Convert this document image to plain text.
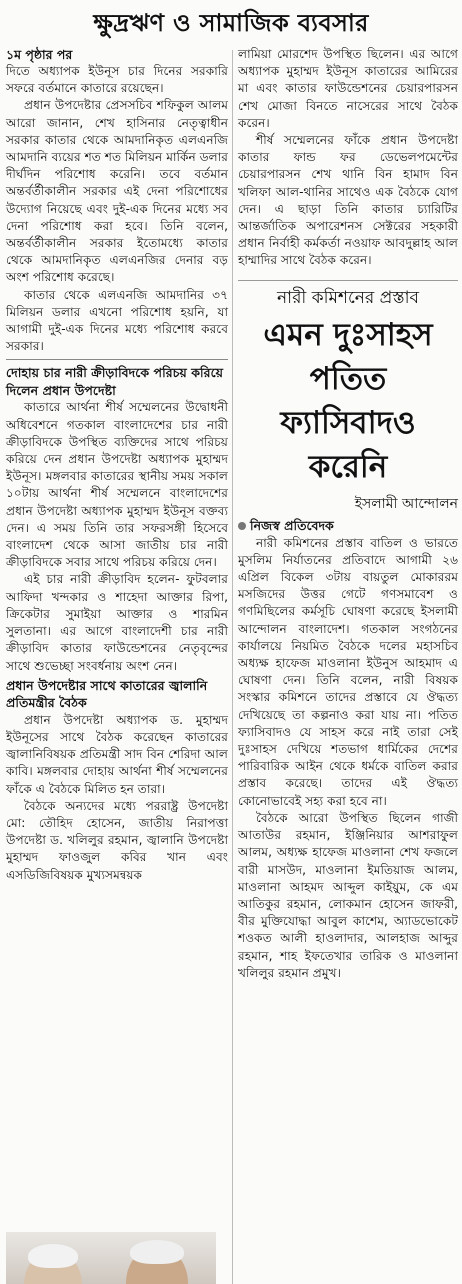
ক্ষুদ্রঋণ ও সামাজিক ব্যবসার
১ম পৃষ্ঠার পর

দিতে অধ্যাপক ইউনূস চার দিনের সরকারি সফরে বর্তমানে কাতারে রয়েছেন।

প্রধান উপদেষ্টার প্রেসসচিব শফিকুল আলম আরো জানান, শেখ হাসিনার নেতৃত্বাধীন সরকার কাতার থেকে আমদানিকৃত এলএনজি আমদানি ব্যয়ের শত শত মিলিয়ন মার্কিন ডলার দীর্ঘদিন পরিশোধ করেনি। তবে বর্তমান অন্তর্বর্তীকালীন সরকার এই দেনা পরিশোধের উদ্যোগ নিয়েছে এবং দুই-এক দিনের মধ্যে সব দেনা পরিশোধ করা হবে। তিনি বলেন, অন্তর্বর্তীকালীন সরকার ইতোমধ্যে কাতার থেকে আমদানিকৃত এলএনজির দেনার বড় অংশ পরিশোধ করেছে।

কাতার থেকে এলএনজি আমদানির ৩৭ মিলিয়ন ডলার এখনো পরিশোধ হয়নি, যা আগামী দুই-এক দিনের মধ্যে পরিশোধ করবে সরকার।

দোহায় চার নারী ক্রীড়াবিদকে পরিচয় করিয়ে দিলেন প্রধান উপদেষ্টা

কাতারে আর্থনা শীর্ষ সম্মেলনের উদ্বোধনী অধিবেশনে গতকাল বাংলাদেশের চার নারী ক্রীড়াবিদকে উপস্থিত ব্যক্তিদের সাথে পরিচয় করিয়ে দেন প্রধান উপদেষ্টা অধ্যাপক মুহাম্মদ ইউনূস। মঙ্গলবার কাতারের স্থানীয় সময় সকাল ১০টায় আর্থনা শীর্ষ সম্মেলনে বাংলাদেশের প্রধান উপদেষ্টা অধ্যাপক মুহাম্মদ ইউনূস বক্তব্য দেন। এ সময় তিনি তার সফরসঙ্গী হিসেবে বাংলাদেশ থেকে আসা জাতীয় চার নারী ক্রীড়াবিদকে সবার সাথে পরিচয় করিয়ে দেন।

এই চার নারী ক্রীড়াবিদ হলেন- ফুটবলার আফিদা খন্দকার ও শাহেদা আক্তার রিপা, ক্রিকেটার সুমাইয়া আক্তার ও শারমিন সুলতানা। এর আগে বাংলাদেশী চার নারী ক্রীড়াবিদ কাতার ফাউন্ডেশনের নেতৃবৃন্দের সাথে শুভেচ্ছা সংবর্ধনায় অংশ নেন।

প্রধান উপদেষ্টার সাথে কাতারের জ্বালানি প্রতিমন্ত্রীর বৈঠক

প্রধান উপদেষ্টা অধ্যাপক ড. মুহাম্মদ ইউনূসের সাথে বৈঠক করেছেন কাতারের জ্বালানিবিষয়ক প্রতিমন্ত্রী সাদ বিন শেরিদা আল কাবি। মঙ্গলবার দোহায় আর্থনা শীর্ষ সম্মেলনের ফাঁকে এ বৈঠকে মিলিত হন তারা।

বৈঠকে অন্যদের মধ্যে পররাষ্ট্র উপদেষ্টা মো: তৌহিদ হোসেন, জাতীয় নিরাপত্তা উপদেষ্টা ড. খলিলুর রহমান, জ্বালানি উপদেষ্টা মুহাম্মদ ফাওজুল কবির খান এবং এসডিজিবিষয়ক মুখ্যসমন্বয়ক

লামিয়া মোরশেদ উপস্থিত ছিলেন। এর আগে অধ্যাপক মুহাম্মদ ইউনূস কাতারের আমিরের মা এবং কাতার ফাউন্ডেশনের চেয়ারপারসন শেখ মোজা বিনতে নাসেরের সাথে বৈঠক করেন।

শীর্ষ সম্মেলনের ফাঁকে প্রধান উপদেষ্টা কাতার ফান্ড ফর ডেভেলপমেন্টের চেয়ারপারসন শেখ থানি বিন হামাদ বিন খলিফা আল-থানির সাথেও এক বৈঠকে যোগ দেন। এ ছাড়া তিনি কাতার চ্যারিটির আন্তর্জাতিক অপারেশনস সেক্টরের সহকারী প্রধান নির্বাহী কর্মকর্তা নওয়াফ আবদুল্লাহ আল হাম্মাদির সাথে বৈঠক করেন।

নারী কমিশনের প্রস্তাব
এমন দুঃসাহস পতিত ফ্যাসিবাদও করেনি
ইসলামী আন্দোলন
নিজস্ব প্রতিবেদক

নারী কমিশনের প্রস্তাব বাতিল ও ভারতে মুসলিম নির্যাতনের প্রতিবাদে আগামী ২৬ এপ্রিল বিকেল ৩টায় বায়তুল মোকাররম মসজিদের উত্তর গেটে গণসমাবেশ ও গণমিছিলের কর্মসূচি ঘোষণা করেছে ইসলামী আন্দোলন বাংলাদেশ। গতকাল সংগঠনের কার্যালয়ে নিয়মিত বৈঠকে দলের মহাসচিব অধ্যক্ষ হাফেজ মাওলানা ইউনুস আহমাদ এ ঘোষণা দেন। তিনি বলেন, নারী বিষয়ক সংস্কার কমিশনে তাদের প্রস্তাবে যে ঔদ্ধত্য দেখিয়েছে তা কল্পনাও করা যায় না। পতিত ফ্যাসিবাদও যে সাহস করে নাই তারা সেই দুঃসাহস দেখিয়ে শতভাগ ধার্মিকের দেশের পারিবারিক আইন থেকে ধর্মকে বাতিল করার প্রস্তাব করেছে। তাদের এই ঔদ্ধত্য কোনোভাবেই সহ্য করা হবে না।

বৈঠকে আরো উপস্থিত ছিলেন গাজী আতাউর রহমান, ইঞ্জিনিয়ার আশরাফুল আলম, অধ্যক্ষ হাফেজ মাওলানা শেখ ফজলে বারী মাসউদ, মাওলানা ইমতিয়াজ আলম, মাওলানা আহমদ আব্দুল কাইয়ুম, কে এম আতিকুর রহমান, লোকমান হোসেন জাফরী, বীর মুক্তিযোদ্ধা আবুল কাশেম, অ্যাডভোকেট শওকত আলী হাওলাদার, আলহাজ আব্দুর রহমান, শাহ ইফতেখার তারিক ও মাওলানা খলিলুর রহমান প্রমুখ।
